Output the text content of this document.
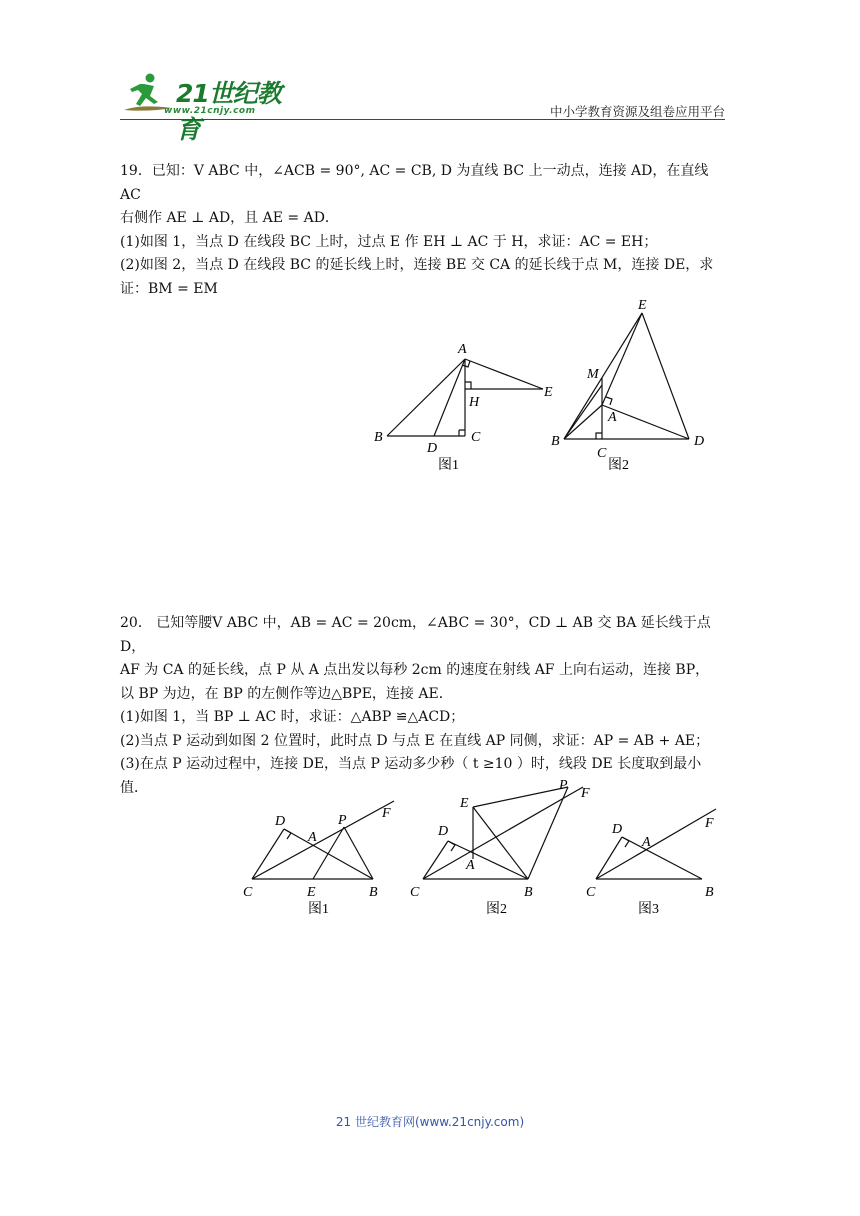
21世纪教育
www.21cnjy.com	中小学教育资源及组卷应用平台

19．已知：V ABC 中，∠ACB = 90°, AC = CB, D 为直线 BC 上一动点，连接 AD，在直线 AC

右侧作 AE ⊥ AD，且 AE = AD．

(1)如图 1，当点 D 在线段 BC 上时，过点 E 作 EH ⊥ AC 于 H，求证：AC = EH；

(2)如图 2，当点 D 在线段 BC 的延长线上时，连接 BE 交 CA 的延长线于点 M，连接 DE，求

证：BM = EM

A
B	C
D
E
H
图1
E
M
A
B
C
D
图2

20． 已知等腰V ABC 中，AB = AC = 20cm，∠ABC = 30°，CD ⊥ AB 交 BA 延长线于点 D，

AF 为 CA 的延长线，点 P 从 A 点出发以每秒 2cm 的速度在射线 AF 上向右运动，连接 BP，

以 BP 为边，在 BP 的左侧作等边△BPE，连接 AE．

(1)如图 1，当 BP ⊥ AC 时，求证：△ABP ≌△ACD；

(2)当点 P 运动到如图 2 位置时，此时点 D 与点 E 在直线 AP 同侧，求证：AP = AB + AE；

(3)在点 P 运动过程中，连接 DE，当点 P 运动多少秒（ t ≥10 ）时，线段 DE 长度取到最小

值．

D
A
P	F
C	E	B
图1
E
D
A
P
F
C	B
图2
D
A
F
C	B
图3
21 世纪教育网(www.21cnjy.com)
